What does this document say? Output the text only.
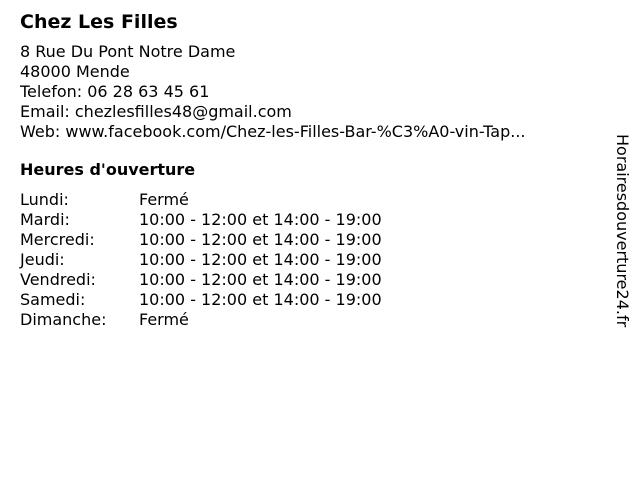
Chez Les Filles
8 Rue Du Pont Notre Dame
48000 Mende
Telefon: 06 28 63 45 61
Email: chezlesfilles48@gmail.com
Web: www.facebook.com/Chez-les-Filles-Bar-%C3%A0-vin-Tap...
Heures d'ouverture
Lundi:	Fermé
Mardi:	10:00 - 12:00 et 14:00 - 19:00
Mercredi:	10:00 - 12:00 et 14:00 - 19:00
Jeudi:	10:00 - 12:00 et 14:00 - 19:00
Vendredi:	10:00 - 12:00 et 14:00 - 19:00
Samedi:	10:00 - 12:00 et 14:00 - 19:00
Dimanche:	Fermé	Horairesdouverture24.fr
